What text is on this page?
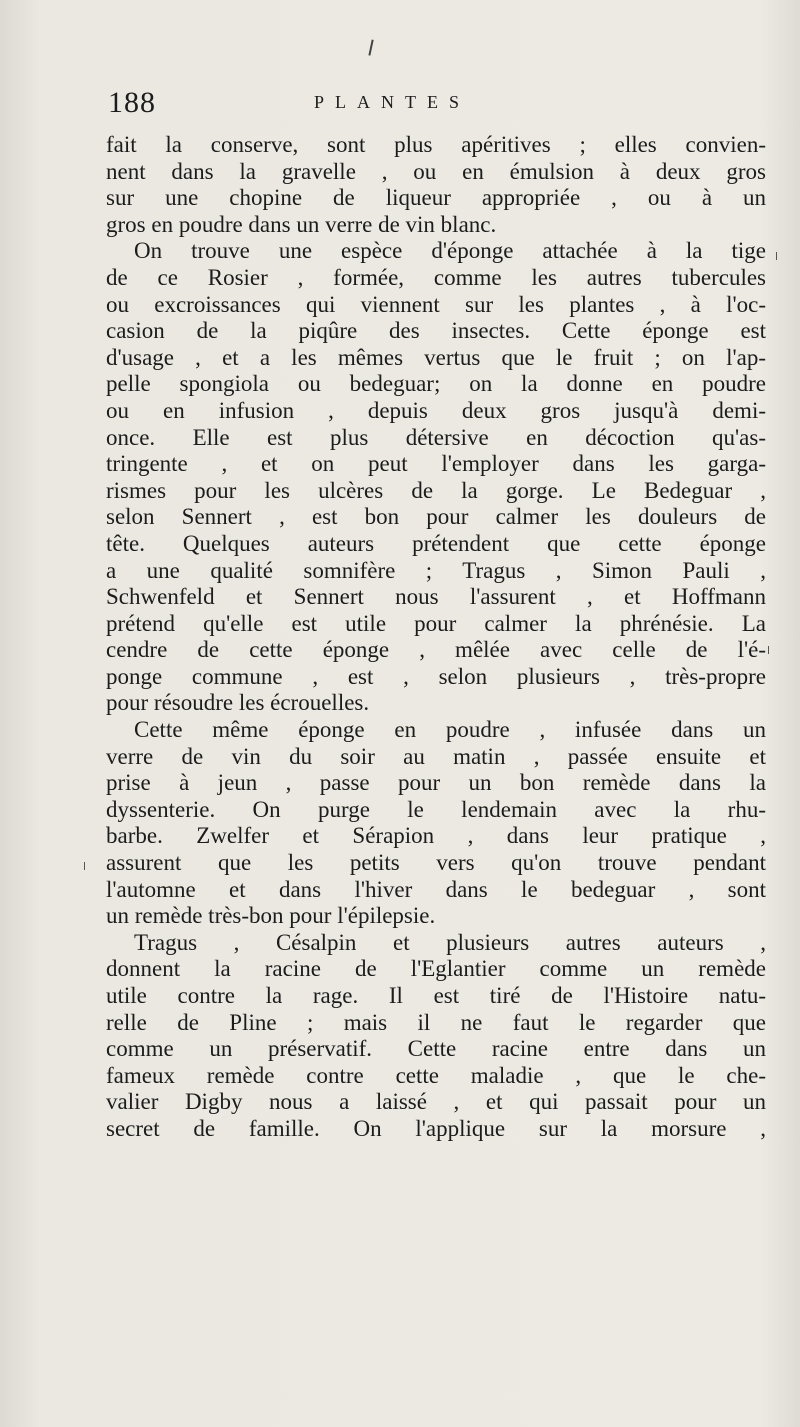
188	PLANTES
fait la conserve, sont plus apéritives ; elles convien-
nent dans la gravelle , ou en émulsion à deux gros
sur une chopine de liqueur appropriée , ou à un
gros en poudre dans un verre de vin blanc.
On trouve une espèce d'éponge attachée à la tige
de ce Rosier , formée, comme les autres tubercules
ou excroissances qui viennent sur les plantes , à l'oc-
casion de la piqûre des insectes. Cette éponge est
d'usage , et a les mêmes vertus que le fruit ; on l'ap-
pelle spongiola ou bedeguar; on la donne en poudre
ou en infusion , depuis deux gros jusqu'à demi-
once. Elle est plus détersive en décoction qu'as-
tringente , et on peut l'employer dans les garga-
rismes pour les ulcères de la gorge. Le Bedeguar ,
selon Sennert , est bon pour calmer les douleurs de
tête. Quelques auteurs prétendent que cette éponge
a une qualité somnifère ; Tragus , Simon Pauli ,
Schwenfeld et Sennert nous l'assurent , et Hoffmann
prétend qu'elle est utile pour calmer la phrénésie. La
cendre de cette éponge , mêlée avec celle de l'é-
ponge commune , est , selon plusieurs , très-propre
pour résoudre les écrouelles.
Cette même éponge en poudre , infusée dans un
verre de vin du soir au matin , passée ensuite et
prise à jeun , passe pour un bon remède dans la
dyssenterie. On purge le lendemain avec la rhu-
barbe. Zwelfer et Sérapion , dans leur pratique ,
assurent que les petits vers qu'on trouve pendant
l'automne et dans l'hiver dans le bedeguar , sont
un remède très-bon pour l'épilepsie.
Tragus , Césalpin et plusieurs autres auteurs ,
donnent la racine de l'Eglantier comme un remède
utile contre la rage. Il est tiré de l'Histoire natu-
relle de Pline ; mais il ne faut le regarder que
comme un préservatif. Cette racine entre dans un
fameux remède contre cette maladie , que le che-
valier Digby nous a laissé , et qui passait pour un
secret de famille. On l'applique sur la morsure ,
